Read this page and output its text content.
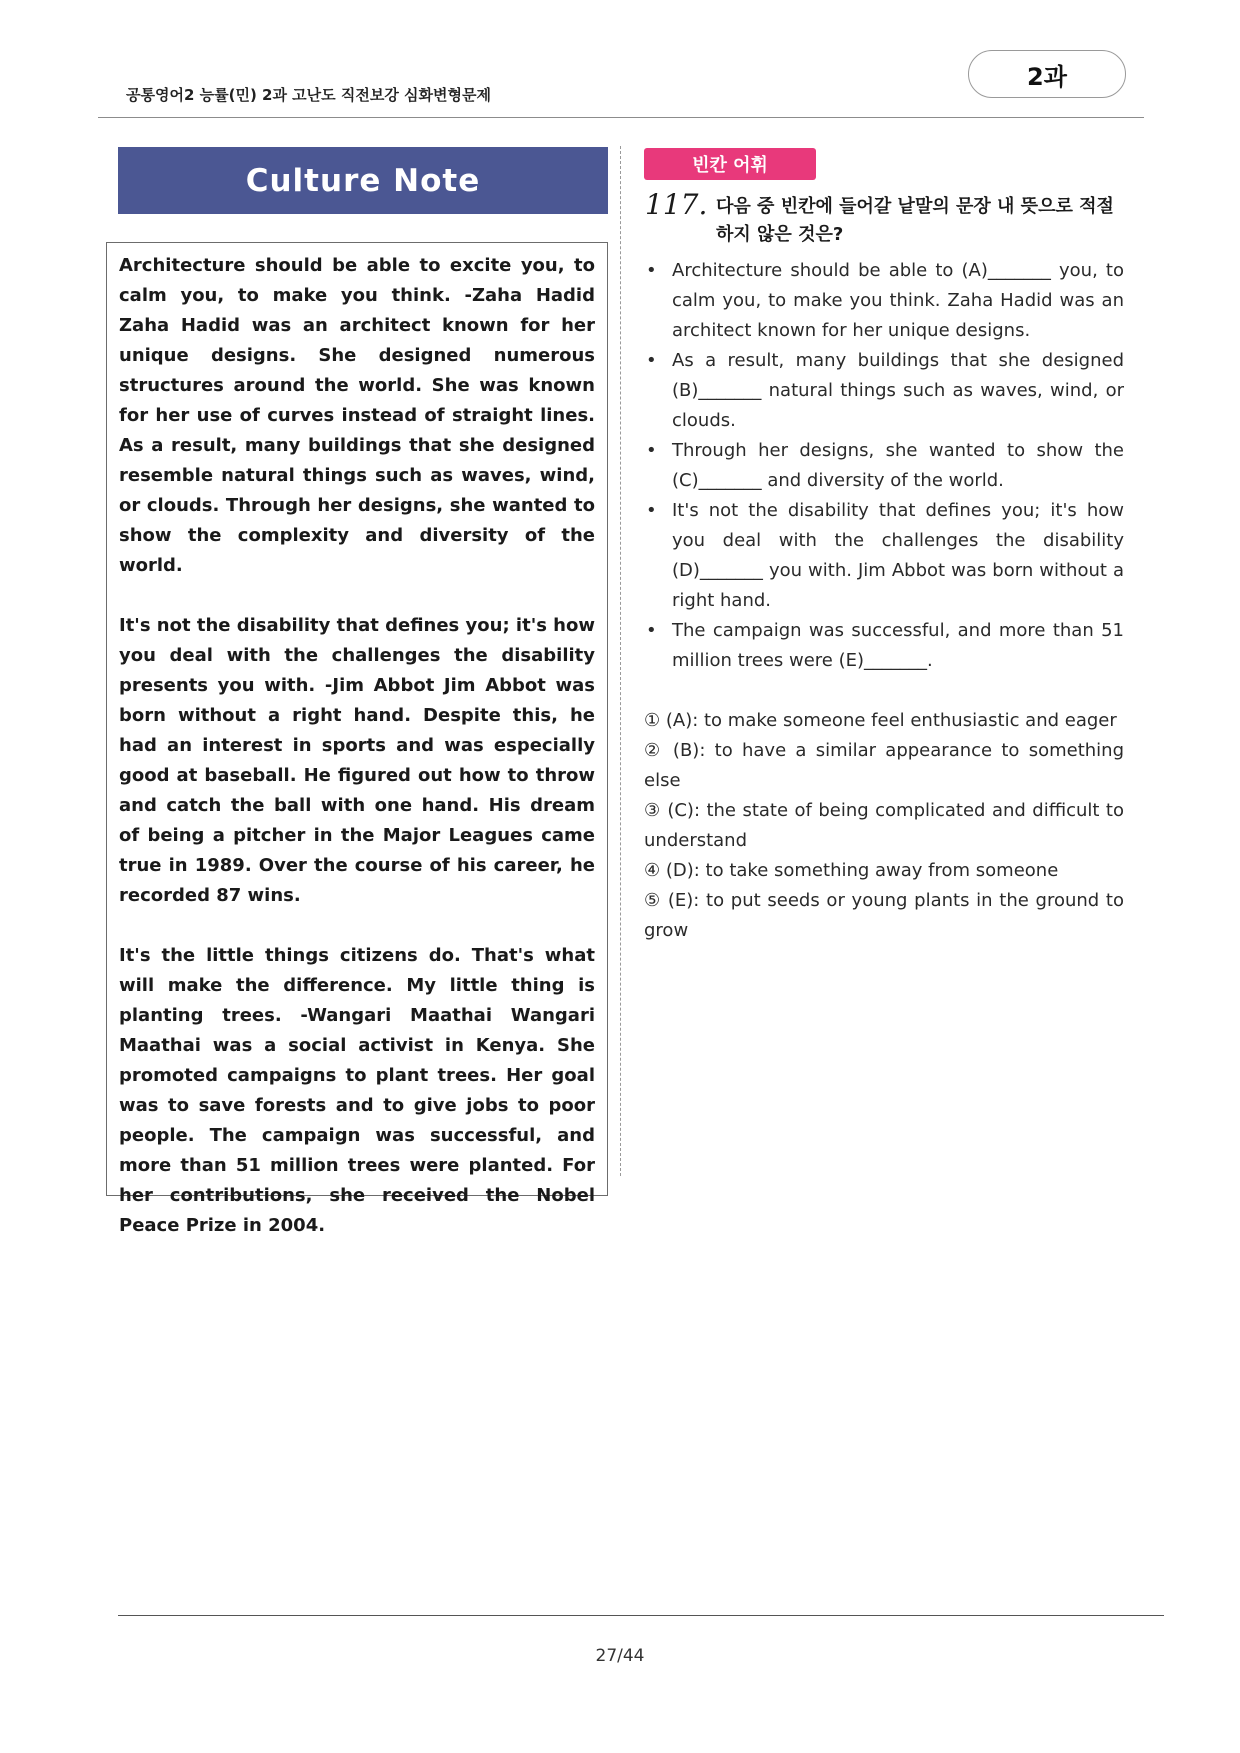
공통영어2 능률(민) 2과 고난도 직전보강 심화변형문제
2과
Culture Note

Architecture should be able to excite you, to calm you, to make you think. -Zaha Hadid Zaha Hadid was an architect known for her unique designs. She designed numerous structures around the world. She was known for her use of curves instead of straight lines. As a result, many buildings that she designed resemble natural things such as waves, wind, or clouds. Through her designs, she wanted to show the complexity and diversity of the world.

It's not the disability that defines you; it's how you deal with the challenges the disability presents you with. -Jim Abbot Jim Abbot was born without a right hand. Despite this, he had an interest in sports and was especially good at baseball. He figured out how to throw and catch the ball with one hand. His dream of being a pitcher in the Major Leagues came true in 1989. Over the course of his career, he recorded 87 wins.

It's the little things citizens do. That's what will make the difference. My little thing is planting trees. -Wangari Maathai Wangari Maathai was a social activist in Kenya. She promoted campaigns to plant trees. Her goal was to save forests and to give jobs to poor people. The campaign was successful, and more than 51 million trees were planted. For her contributions, she received the Nobel Peace Prize in 2004.

빈칸 어휘
117. 다음 중 빈칸에 들어갈 낱말의 문장 내 뜻으로 적절하지 않은 것은?
• Architecture should be able to (A)_______ you, to calm you, to make you think. Zaha Hadid was an architect known for her unique designs.
• As a result, many buildings that she designed (B)_______ natural things such as waves, wind, or clouds.
• Through her designs, she wanted to show the (C)_______ and diversity of the world.
• It's not the disability that defines you; it's how you deal with the challenges the disability (D)_______ you with. Jim Abbot was born without a right hand.
• The campaign was successful, and more than 51 million trees were (E)_______.
① (A): to make someone feel enthusiastic and eager
② (B): to have a similar appearance to something else
③ (C): the state of being complicated and difficult to understand
④ (D): to take something away from someone
⑤ (E): to put seeds or young plants in the ground to grow
27/44
